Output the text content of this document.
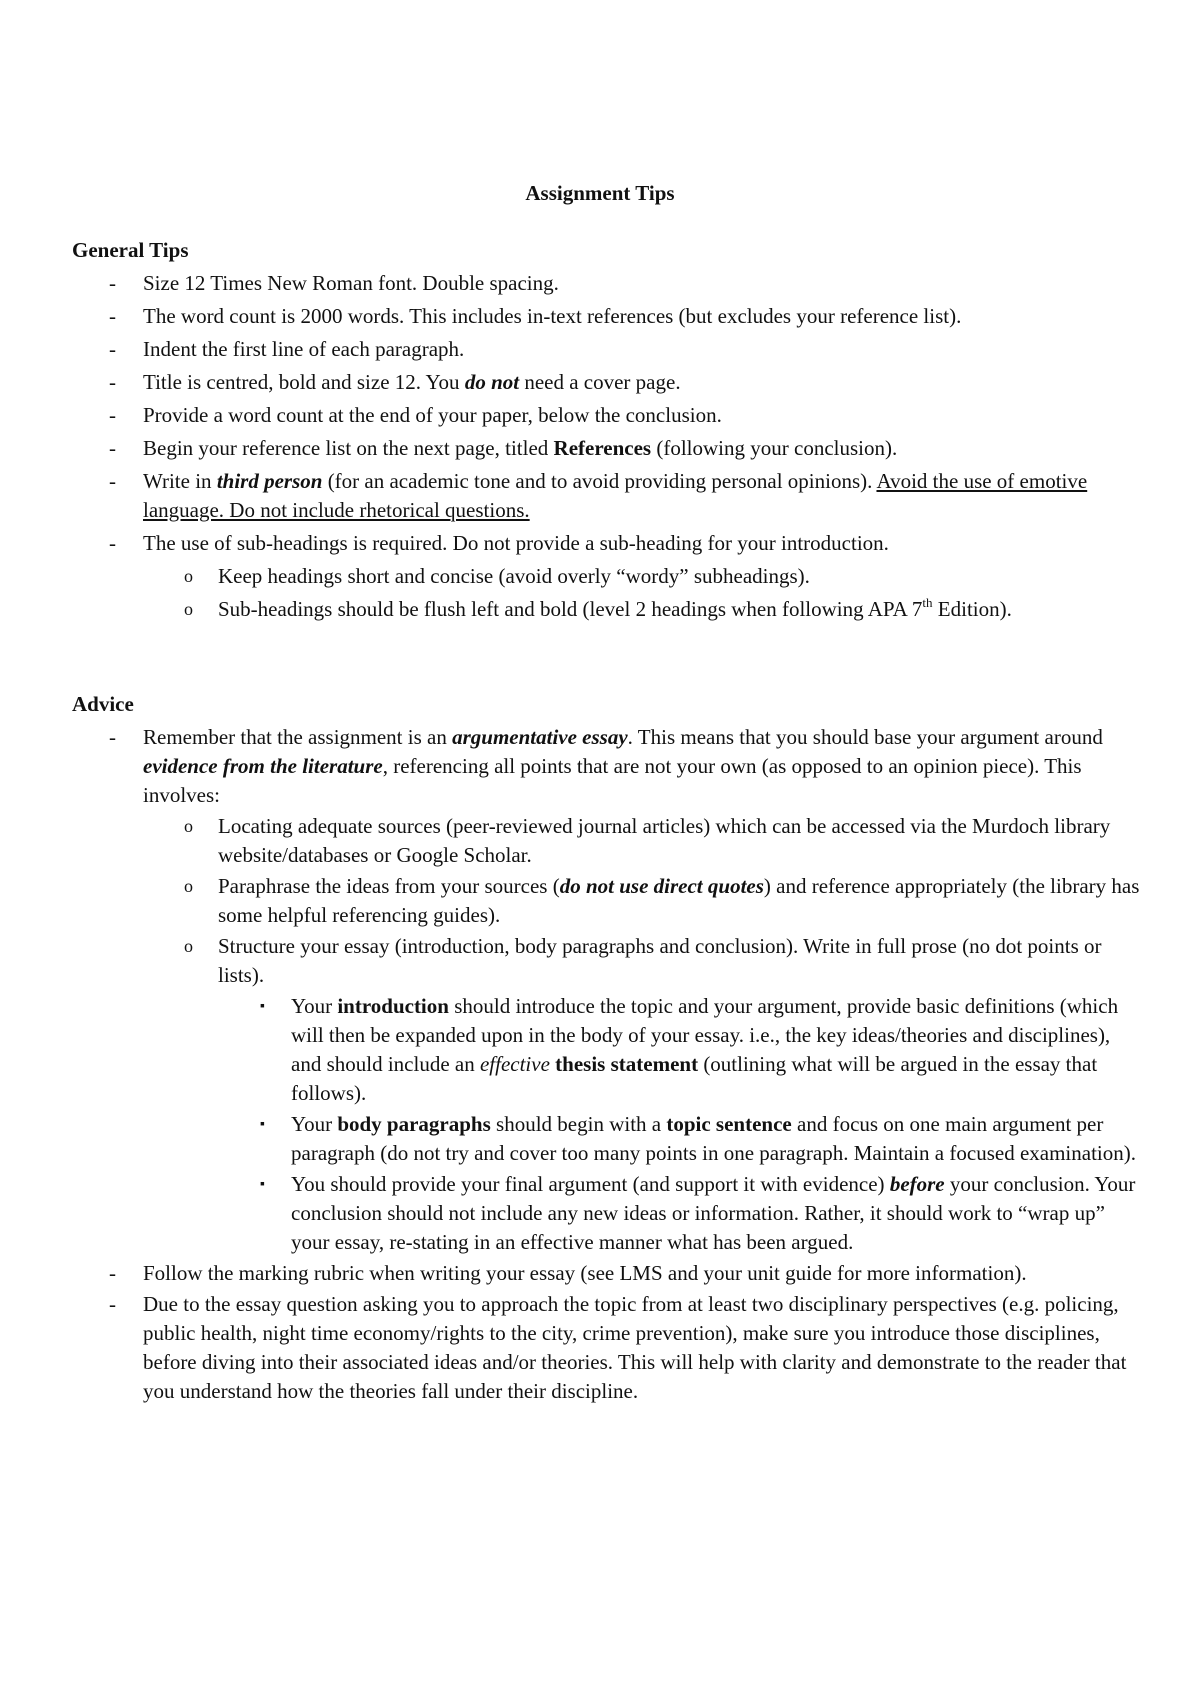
Assignment Tips
General Tips
- Size 12 Times New Roman font. Double spacing.
- The word count is 2000 words. This includes in-text references (but excludes your reference list).
- Indent the first line of each paragraph.
- Title is centred, bold and size 12. You do not need a cover page.
- Provide a word count at the end of your paper, below the conclusion.
- Begin your reference list on the next page, titled References (following your conclusion).
- Write in third person (for an academic tone and to avoid providing personal opinions). Avoid the use of emotive language. Do not include rhetorical questions.
- The use of sub-headings is required. Do not provide a sub-heading for your introduction.
o Keep headings short and concise (avoid overly “wordy” subheadings).
o Sub-headings should be flush left and bold (level 2 headings when following APA 7th Edition).
Advice
- Remember that the assignment is an argumentative essay. This means that you should base your argument around evidence from the literature, referencing all points that are not your own (as opposed to an opinion piece). This involves:
o Locating adequate sources (peer-reviewed journal articles) which can be accessed via the Murdoch library website/databases or Google Scholar.
o Paraphrase the ideas from your sources (do not use direct quotes) and reference appropriately (the library has some helpful referencing guides).
o Structure your essay (introduction, body paragraphs and conclusion). Write in full prose (no dot points or lists).
▪ Your introduction should introduce the topic and your argument, provide basic definitions (which will then be expanded upon in the body of your essay. i.e., the key ideas/theories and disciplines), and should include an effective thesis statement (outlining what will be argued in the essay that follows).
▪ Your body paragraphs should begin with a topic sentence and focus on one main argument per paragraph (do not try and cover too many points in one paragraph. Maintain a focused examination).
▪ You should provide your final argument (and support it with evidence) before your conclusion. Your conclusion should not include any new ideas or information. Rather, it should work to “wrap up” your essay, re-stating in an effective manner what has been argued.
- Follow the marking rubric when writing your essay (see LMS and your unit guide for more information).
- Due to the essay question asking you to approach the topic from at least two disciplinary perspectives (e.g. policing, public health, night time economy/rights to the city, crime prevention), make sure you introduce those disciplines, before diving into their associated ideas and/or theories. This will help with clarity and demonstrate to the reader that you understand how the theories fall under their discipline.
